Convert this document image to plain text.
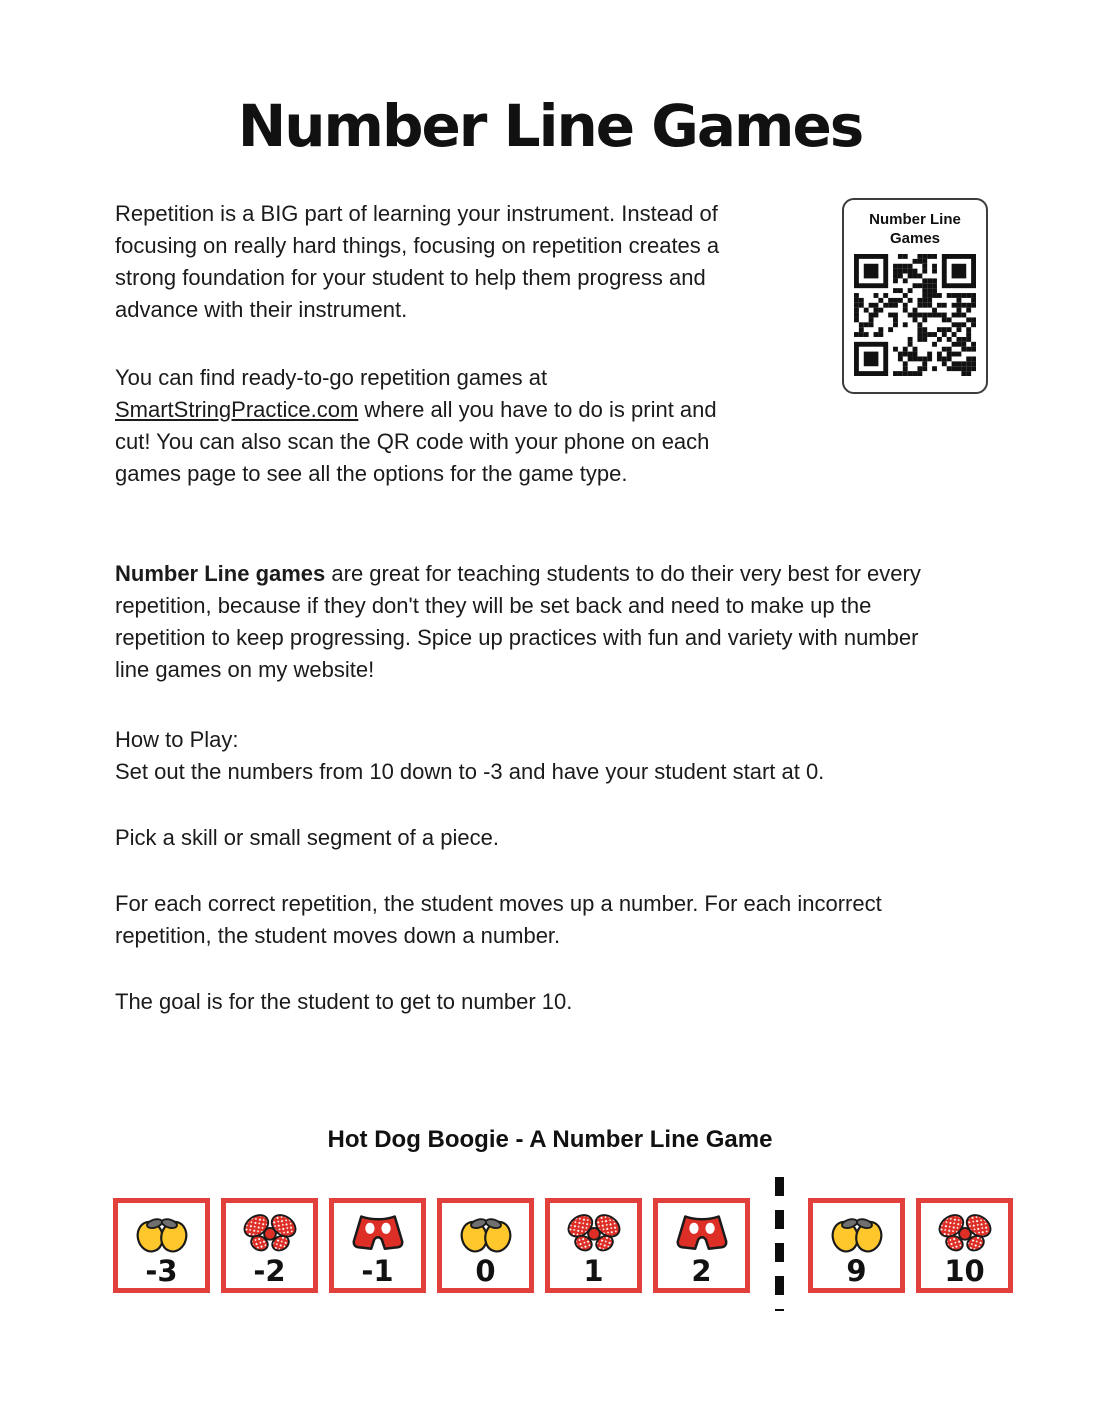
Number Line Games
Repetition is a BIG part of learning your instrument. Instead of
focusing on really hard things, focusing on repetition creates a
strong foundation for your student to help them progress and
advance with their instrument.
You can find ready-to-go repetition games at
SmartStringPractice.com where all you have to do is print and
cut! You can also scan the QR code with your phone on each
games page to see all the options for the game type.
Number Line Games
Number Line games are great for teaching students to do their very best for every
repetition, because if they don't they will be set back and need to make up the
repetition to keep progressing. Spice up practices with fun and variety with number
line games on my website!
How to Play:

Set out the numbers from 10 down to -3 and have your student start at 0.

Pick a skill or small segment of a piece.

For each correct repetition, the student moves up a number. For each incorrect
repetition, the student moves down a number.

The goal is for the student to get to number 10.

Hot Dog Boogie - A Number Line Game
-3	-2	-1	0	1	2	9	10
